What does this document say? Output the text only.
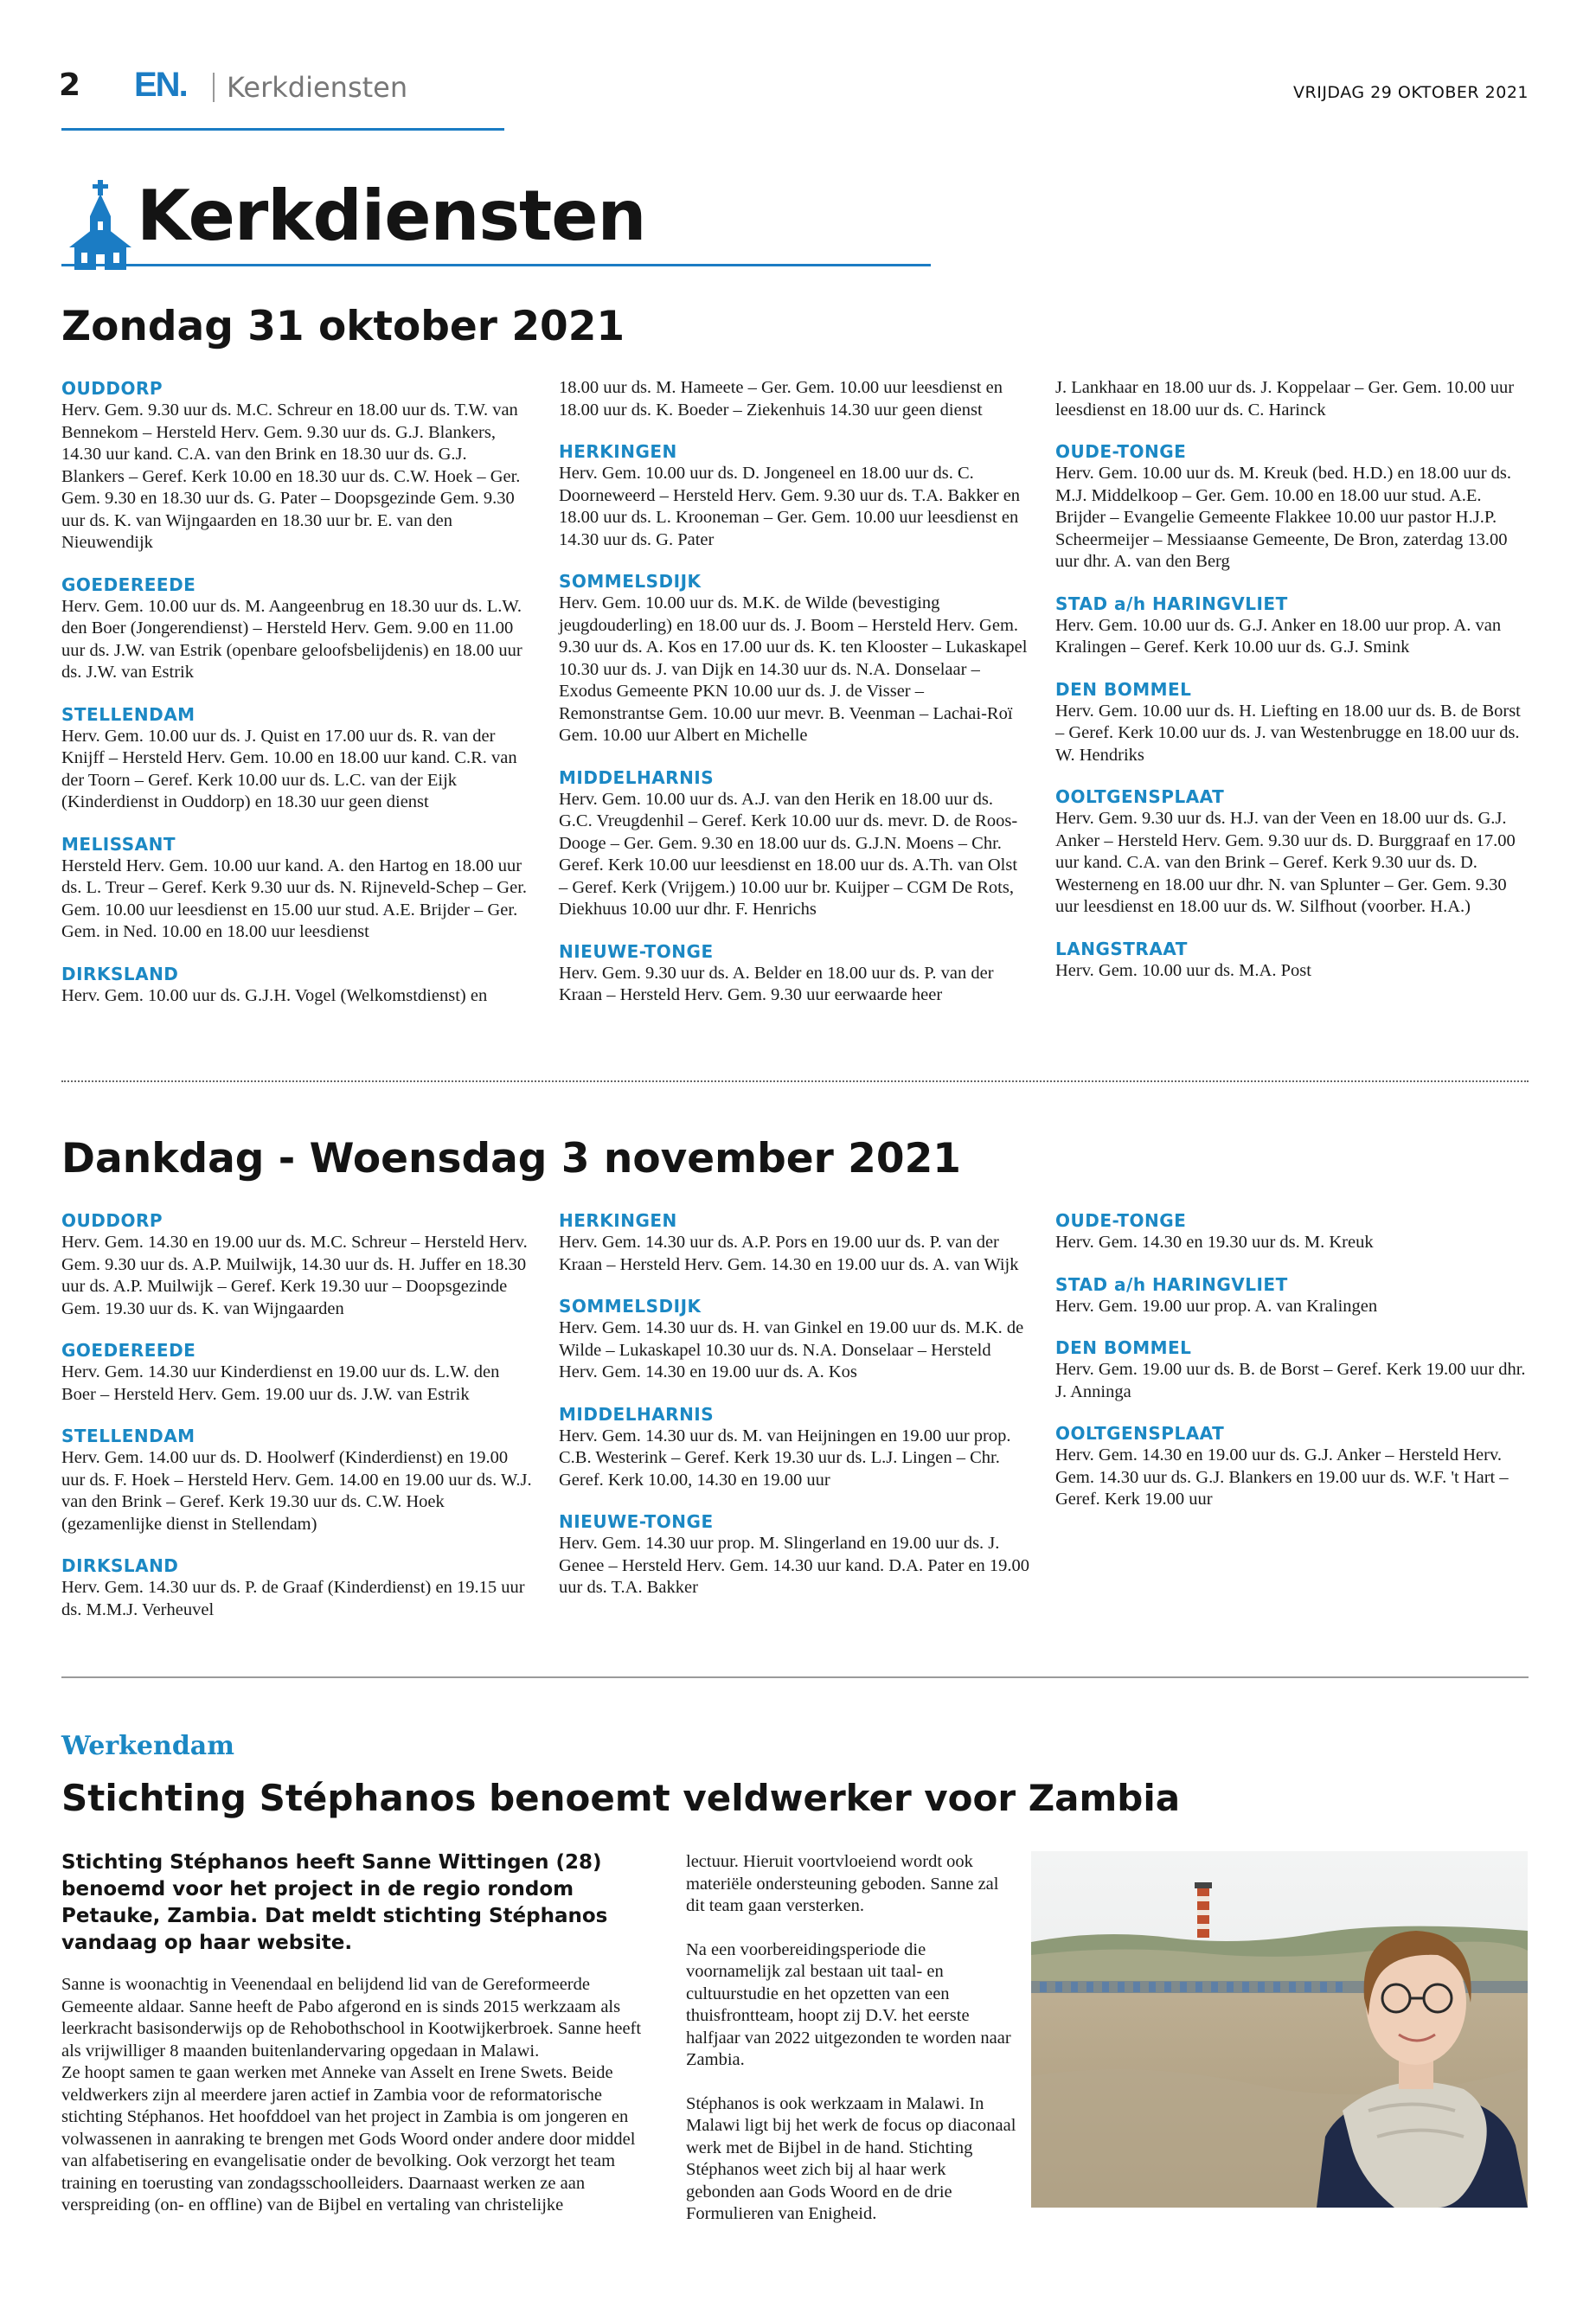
2 EN. Kerkdiensten	VRIJDAG 29 OKTOBER 2021
Kerkdiensten
Zondag 31 oktober 2021
OUDDORP

Herv. Gem. 9.30 uur ds. M.C. Schreur en 18.00 uur ds. T.W. van Bennekom – Hersteld Herv. Gem. 9.30 uur ds. G.J. Blankers, 14.30 uur kand. C.A. van den Brink en 18.30 uur ds. G.J. Blankers – Geref. Kerk 10.00 en 18.30 uur ds. C.W. Hoek – Ger. Gem. 9.30 en 18.30 uur ds. G. Pater – Doopsgezinde Gem. 9.30 uur ds. K. van Wijngaarden en 18.30 uur br. E. van den Nieuwendijk

GOEDEREEDE

Herv. Gem. 10.00 uur ds. M. Aangeenbrug en 18.30 uur ds. L.W. den Boer (Jongerendienst) – Hersteld Herv. Gem. 9.00 en 11.00 uur ds. J.W. van Estrik (openbare geloofsbelijdenis) en 18.00 uur ds. J.W. van Estrik

STELLENDAM

Herv. Gem. 10.00 uur ds. J. Quist en 17.00 uur ds. R. van der Knijff – Hersteld Herv. Gem. 10.00 en 18.00 uur kand. C.R. van der Toorn – Geref. Kerk 10.00 uur ds. L.C. van der Eijk (Kinderdienst in Ouddorp) en 18.30 uur geen dienst

MELISSANT

Hersteld Herv. Gem. 10.00 uur kand. A. den Hartog en 18.00 uur ds. L. Treur – Geref. Kerk 9.30 uur ds. N. Rijneveld-Schep – Ger. Gem. 10.00 uur leesdienst en 15.00 uur stud. A.E. Brijder – Ger. Gem. in Ned. 10.00 en 18.00 uur leesdienst

DIRKSLAND

Herv. Gem. 10.00 uur ds. G.J.H. Vogel (Welkomstdienst) en

18.00 uur ds. M. Hameete – Ger. Gem. 10.00 uur leesdienst en 18.00 uur ds. K. Boeder – Ziekenhuis 14.30 uur geen dienst

HERKINGEN

Herv. Gem. 10.00 uur ds. D. Jongeneel en 18.00 uur ds. C. Doorneweerd – Hersteld Herv. Gem. 9.30 uur ds. T.A. Bakker en 18.00 uur ds. L. Krooneman – Ger. Gem. 10.00 uur leesdienst en 14.30 uur ds. G. Pater

SOMMELSDIJK

Herv. Gem. 10.00 uur ds. M.K. de Wilde (bevestiging jeugdouderling) en 18.00 uur ds. J. Boom – Hersteld Herv. Gem. 9.30 uur ds. A. Kos en 17.00 uur ds. K. ten Klooster – Lukaskapel 10.30 uur ds. J. van Dijk en 14.30 uur ds. N.A. Donselaar – Exodus Gemeente PKN 10.00 uur ds. J. de Visser – Remonstrantse Gem. 10.00 uur mevr. B. Veenman – Lachai-Roï Gem. 10.00 uur Albert en Michelle

MIDDELHARNIS

Herv. Gem. 10.00 uur ds. A.J. van den Herik en 18.00 uur ds. G.C. Vreugdenhil – Geref. Kerk 10.00 uur ds. mevr. D. de Roos-Dooge – Ger. Gem. 9.30 en 18.00 uur ds. G.J.N. Moens – Chr. Geref. Kerk 10.00 uur leesdienst en 18.00 uur ds. A.Th. van Olst – Geref. Kerk (Vrijgem.) 10.00 uur br. Kuijper – CGM De Rots, Diekhuus 10.00 uur dhr. F. Henrichs

NIEUWE-TONGE

Herv. Gem. 9.30 uur ds. A. Belder en 18.00 uur ds. P. van der Kraan – Hersteld Herv. Gem. 9.30 uur eerwaarde heer

J. Lankhaar en 18.00 uur ds. J. Koppelaar – Ger. Gem. 10.00 uur leesdienst en 18.00 uur ds. C. Harinck

OUDE-TONGE

Herv. Gem. 10.00 uur ds. M. Kreuk (bed. H.D.) en 18.00 uur ds. M.J. Middelkoop – Ger. Gem. 10.00 en 18.00 uur stud. A.E. Brijder – Evangelie Gemeente Flakkee 10.00 uur pastor H.J.P. Scheermeijer – Messiaanse Gemeente, De Bron, zaterdag 13.00 uur dhr. A. van den Berg

STAD a/h HARINGVLIET

Herv. Gem. 10.00 uur ds. G.J. Anker en 18.00 uur prop. A. van Kralingen – Geref. Kerk 10.00 uur ds. G.J. Smink

DEN BOMMEL

Herv. Gem. 10.00 uur ds. H. Liefting en 18.00 uur ds. B. de Borst – Geref. Kerk 10.00 uur ds. J. van Westenbrugge en 18.00 uur ds. W. Hendriks

OOLTGENSPLAAT

Herv. Gem. 9.30 uur ds. H.J. van der Veen en 18.00 uur ds. G.J. Anker – Hersteld Herv. Gem. 9.30 uur ds. D. Burggraaf en 17.00 uur kand. C.A. van den Brink – Geref. Kerk 9.30 uur ds. D. Westerneng en 18.00 uur dhr. N. van Splunter – Ger. Gem. 9.30 uur leesdienst en 18.00 uur ds. W. Silfhout (voorber. H.A.)

LANGSTRAAT

Herv. Gem. 10.00 uur ds. M.A. Post

Dankdag - Woensdag 3 november 2021
OUDDORP

Herv. Gem. 14.30 en 19.00 uur ds. M.C. Schreur – Hersteld Herv. Gem. 9.30 uur ds. A.P. Muilwijk, 14.30 uur ds. H. Juffer en 18.30 uur ds. A.P. Muilwijk – Geref. Kerk 19.30 uur – Doopsgezinde Gem. 19.30 uur ds. K. van Wijngaarden

GOEDEREEDE

Herv. Gem. 14.30 uur Kinderdienst en 19.00 uur ds. L.W. den Boer – Hersteld Herv. Gem. 19.00 uur ds. J.W. van Estrik

STELLENDAM

Herv. Gem. 14.00 uur ds. D. Hoolwerf (Kinderdienst) en 19.00 uur ds. F. Hoek – Hersteld Herv. Gem. 14.00 en 19.00 uur ds. W.J. van den Brink – Geref. Kerk 19.30 uur ds. C.W. Hoek (gezamenlijke dienst in Stellendam)

DIRKSLAND

Herv. Gem. 14.30 uur ds. P. de Graaf (Kinderdienst) en 19.15 uur ds. M.M.J. Verheuvel

HERKINGEN

Herv. Gem. 14.30 uur ds. A.P. Pors en 19.00 uur ds. P. van der Kraan – Hersteld Herv. Gem. 14.30 en 19.00 uur ds. A. van Wijk

SOMMELSDIJK

Herv. Gem. 14.30 uur ds. H. van Ginkel en 19.00 uur ds. M.K. de Wilde – Lukaskapel 10.30 uur ds. N.A. Donselaar – Hersteld Herv. Gem. 14.30 en 19.00 uur ds. A. Kos

MIDDELHARNIS

Herv. Gem. 14.30 uur ds. M. van Heijningen en 19.00 uur prop. C.B. Westerink – Geref. Kerk 19.30 uur ds. L.J. Lingen – Chr. Geref. Kerk 10.00, 14.30 en 19.00 uur

NIEUWE-TONGE

Herv. Gem. 14.30 uur prop. M. Slingerland en 19.00 uur ds. J. Genee – Hersteld Herv. Gem. 14.30 uur kand. D.A. Pater en 19.00 uur ds. T.A. Bakker

OUDE-TONGE

Herv. Gem. 14.30 en 19.30 uur ds. M. Kreuk

STAD a/h HARINGVLIET

Herv. Gem. 19.00 uur prop. A. van Kralingen

DEN BOMMEL

Herv. Gem. 19.00 uur ds. B. de Borst – Geref. Kerk 19.00 uur dhr. J. Anninga

OOLTGENSPLAAT

Herv. Gem. 14.30 en 19.00 uur ds. G.J. Anker – Hersteld Herv. Gem. 14.30 uur ds. G.J. Blankers en 19.00 uur ds. W.F. 't Hart – Geref. Kerk 19.00 uur

Werkendam
Stichting Stéphanos benoemt veldwerker voor Zambia

Stichting Stéphanos heeft Sanne Wittingen (28) benoemd voor het project in de regio rondom Petauke, Zambia. Dat meldt stichting Stéphanos vandaag op haar website.

Sanne is woonachtig in Veenendaal en belijdend lid van de Gereformeerde Gemeente aldaar. Sanne heeft de Pabo afgerond en is sinds 2015 werkzaam als leerkracht basisonderwijs op de Rehobothschool in Kootwijkerbroek. Sanne heeft als vrijwilliger 8 maanden buitenlandervaring opgedaan in Malawi.

Ze hoopt samen te gaan werken met Anneke van Asselt en Irene Swets. Beide veldwerkers zijn al meerdere jaren actief in Zambia voor de reformatorische stichting Stéphanos. Het hoofddoel van het project in Zambia is om jongeren en volwassenen in aanraking te brengen met Gods Woord onder andere door middel van alfabetisering en evangelisatie onder de bevolking. Ook verzorgt het team training en toerusting van zondagsschoolleiders. Daarnaast werken ze aan verspreiding (on- en offline) van de Bijbel en vertaling van christelijke

lectuur. Hieruit voortvloeiend wordt ook materiële ondersteuning geboden. Sanne zal dit team gaan versterken.

Na een voorbereidingsperiode die voornamelijk zal bestaan uit taal- en cultuurstudie en het opzetten van een thuisfrontteam, hoopt zij D.V. het eerste halfjaar van 2022 uitgezonden te worden naar Zambia.

Stéphanos is ook werkzaam in Malawi. In Malawi ligt bij het werk de focus op diaconaal werk met de Bijbel in de hand. Stichting Stéphanos weet zich bij al haar werk gebonden aan Gods Woord en de drie Formulieren van Enigheid.
